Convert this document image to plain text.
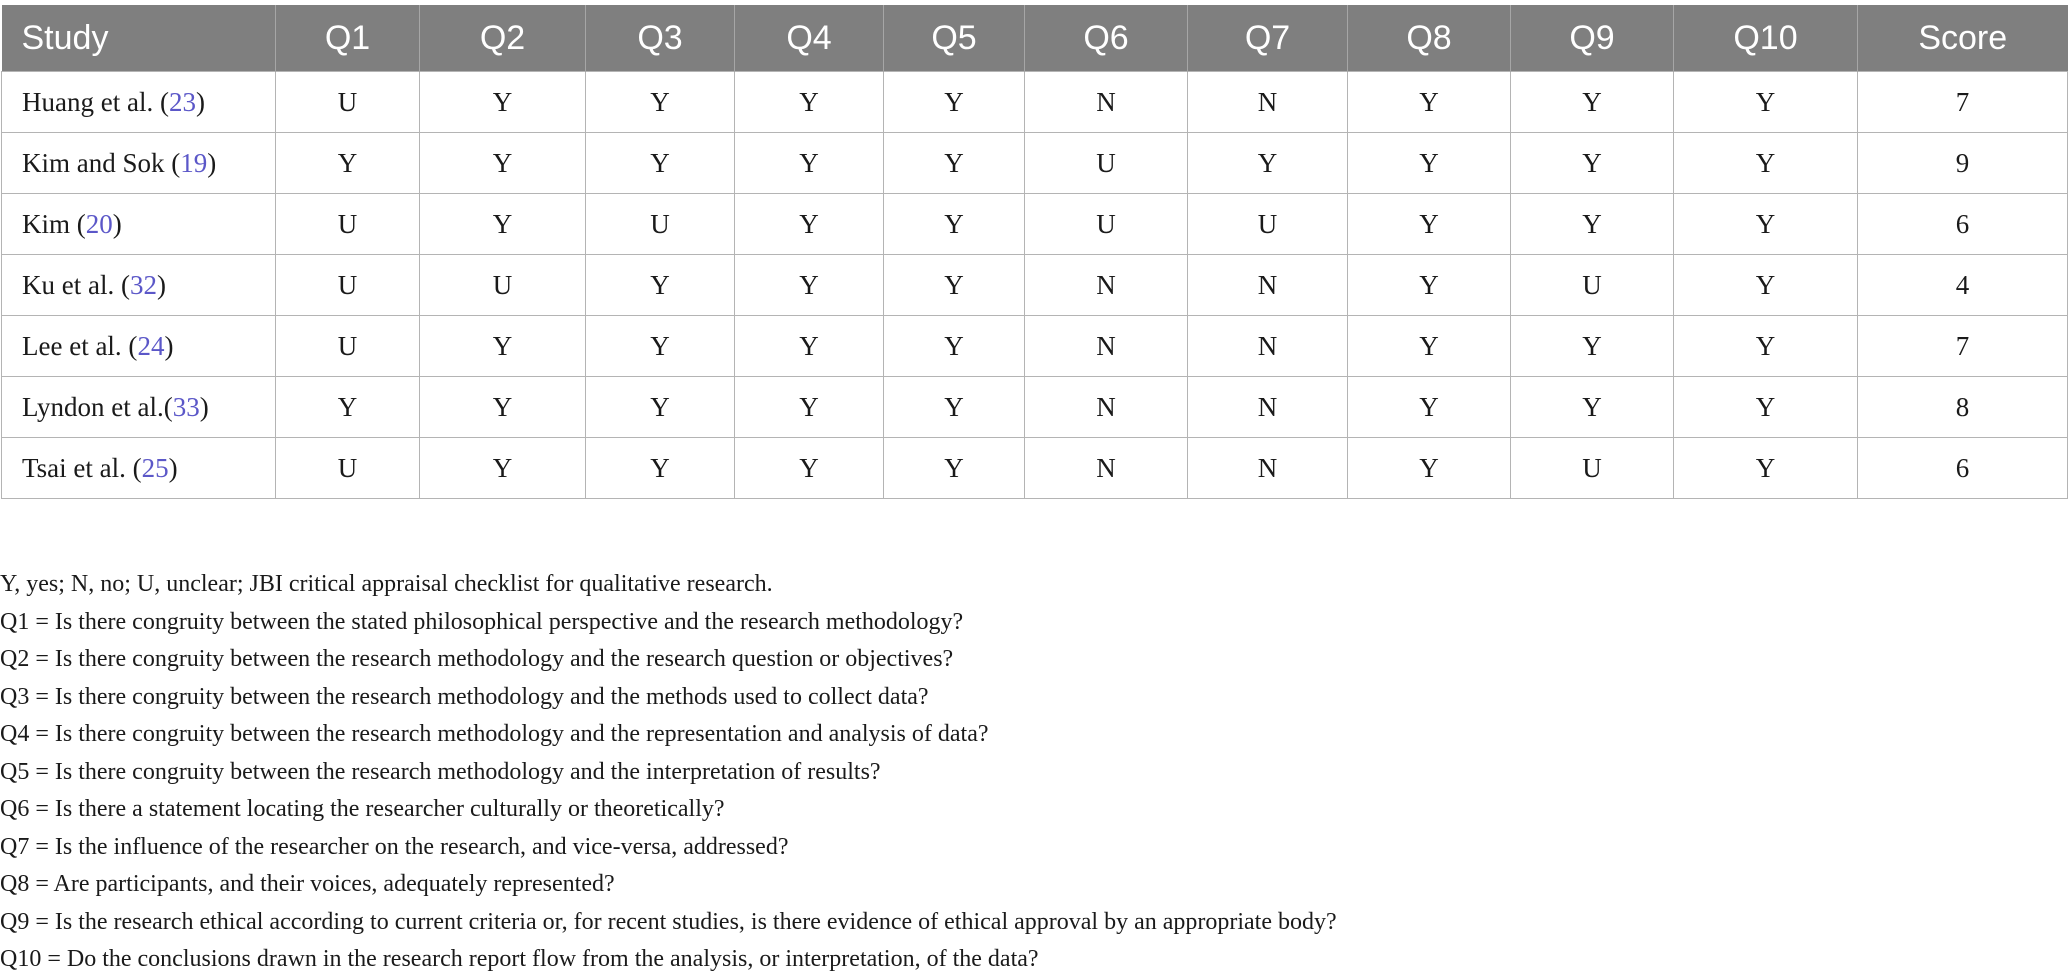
Study	Q1	Q2	Q3	Q4	Q5	Q6	Q7	Q8	Q9	Q10	Score
Huang et al. (23)	U	Y	Y	Y	Y	N	N	Y	Y	Y	7
Kim and Sok (19)	Y	Y	Y	Y	Y	U	Y	Y	Y	Y	9
Kim (20)	U	Y	U	Y	Y	U	U	Y	Y	Y	6
Ku et al. (32)	U	U	Y	Y	Y	N	N	Y	U	Y	4
Lee et al. (24)	U	Y	Y	Y	Y	N	N	Y	Y	Y	7
Lyndon et al.(33)	Y	Y	Y	Y	Y	N	N	Y	Y	Y	8
Tsai et al. (25)	U	Y	Y	Y	Y	N	N	Y	U	Y	6
Y, yes; N, no; U, unclear; JBI critical appraisal checklist for qualitative research.
Q1 = Is there congruity between the stated philosophical perspective and the research methodology?
Q2 = Is there congruity between the research methodology and the research question or objectives?
Q3 = Is there congruity between the research methodology and the methods used to collect data?
Q4 = Is there congruity between the research methodology and the representation and analysis of data?
Q5 = Is there congruity between the research methodology and the interpretation of results?
Q6 = Is there a statement locating the researcher culturally or theoretically?
Q7 = Is the influence of the researcher on the research, and vice-versa, addressed?
Q8 = Are participants, and their voices, adequately represented?
Q9 = Is the research ethical according to current criteria or, for recent studies, is there evidence of ethical approval by an appropriate body?
Q10 = Do the conclusions drawn in the research report flow from the analysis, or interpretation, of the data?
